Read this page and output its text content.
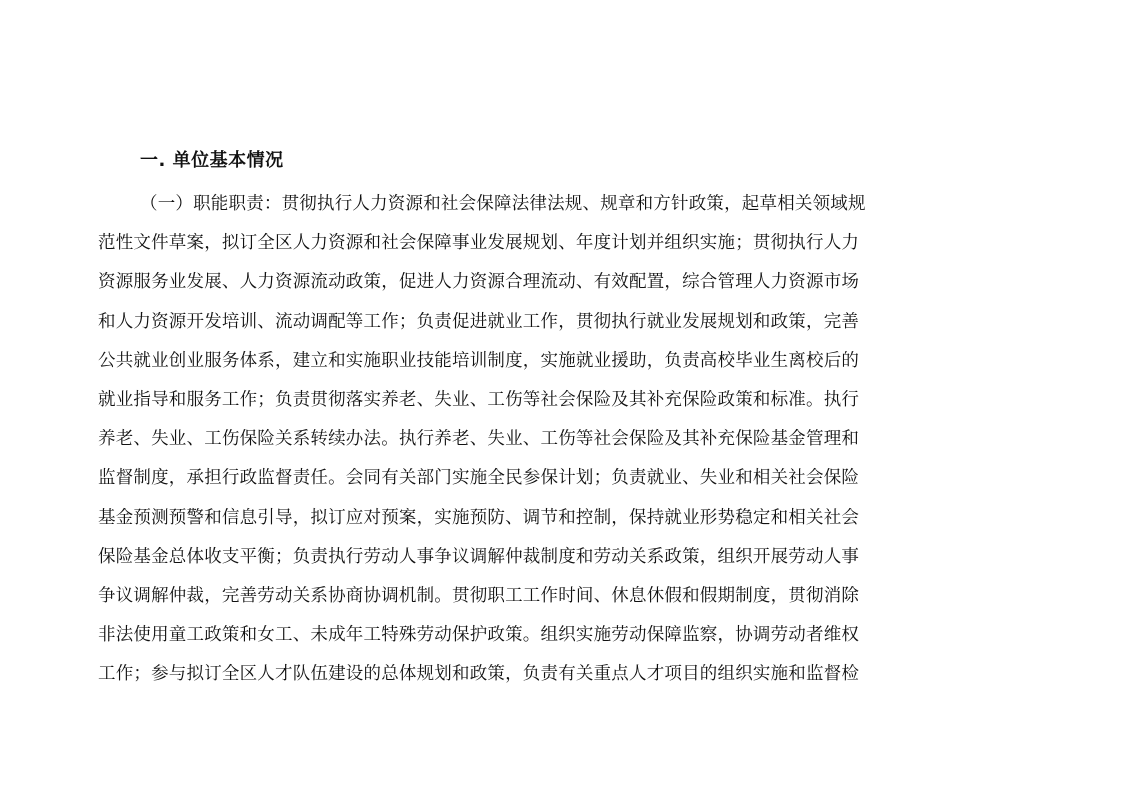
一. 单位基本情况
（一）职能职责：贯彻执行人力资源和社会保障法律法规、规章和方针政策，起草相关领域规
范性文件草案，拟订全区人力资源和社会保障事业发展规划、年度计划并组织实施；贯彻执行人力
资源服务业发展、人力资源流动政策，促进人力资源合理流动、有效配置，综合管理人力资源市场
和人力资源开发培训、流动调配等工作；负责促进就业工作，贯彻执行就业发展规划和政策，完善
公共就业创业服务体系，建立和实施职业技能培训制度，实施就业援助，负责高校毕业生离校后的
就业指导和服务工作；负责贯彻落实养老、失业、工伤等社会保险及其补充保险政策和标准。执行
养老、失业、工伤保险关系转续办法。执行养老、失业、工伤等社会保险及其补充保险基金管理和
监督制度，承担行政监督责任。会同有关部门实施全民参保计划；负责就业、失业和相关社会保险
基金预测预警和信息引导，拟订应对预案，实施预防、调节和控制，保持就业形势稳定和相关社会
保险基金总体收支平衡；负责执行劳动人事争议调解仲裁制度和劳动关系政策，组织开展劳动人事
争议调解仲裁，完善劳动关系协商协调机制。贯彻职工工作时间、休息休假和假期制度，贯彻消除
非法使用童工政策和女工、未成年工特殊劳动保护政策。组织实施劳动保障监察，协调劳动者维权
工作；参与拟订全区人才队伍建设的总体规划和政策，负责有关重点人才项目的组织实施和监督检
